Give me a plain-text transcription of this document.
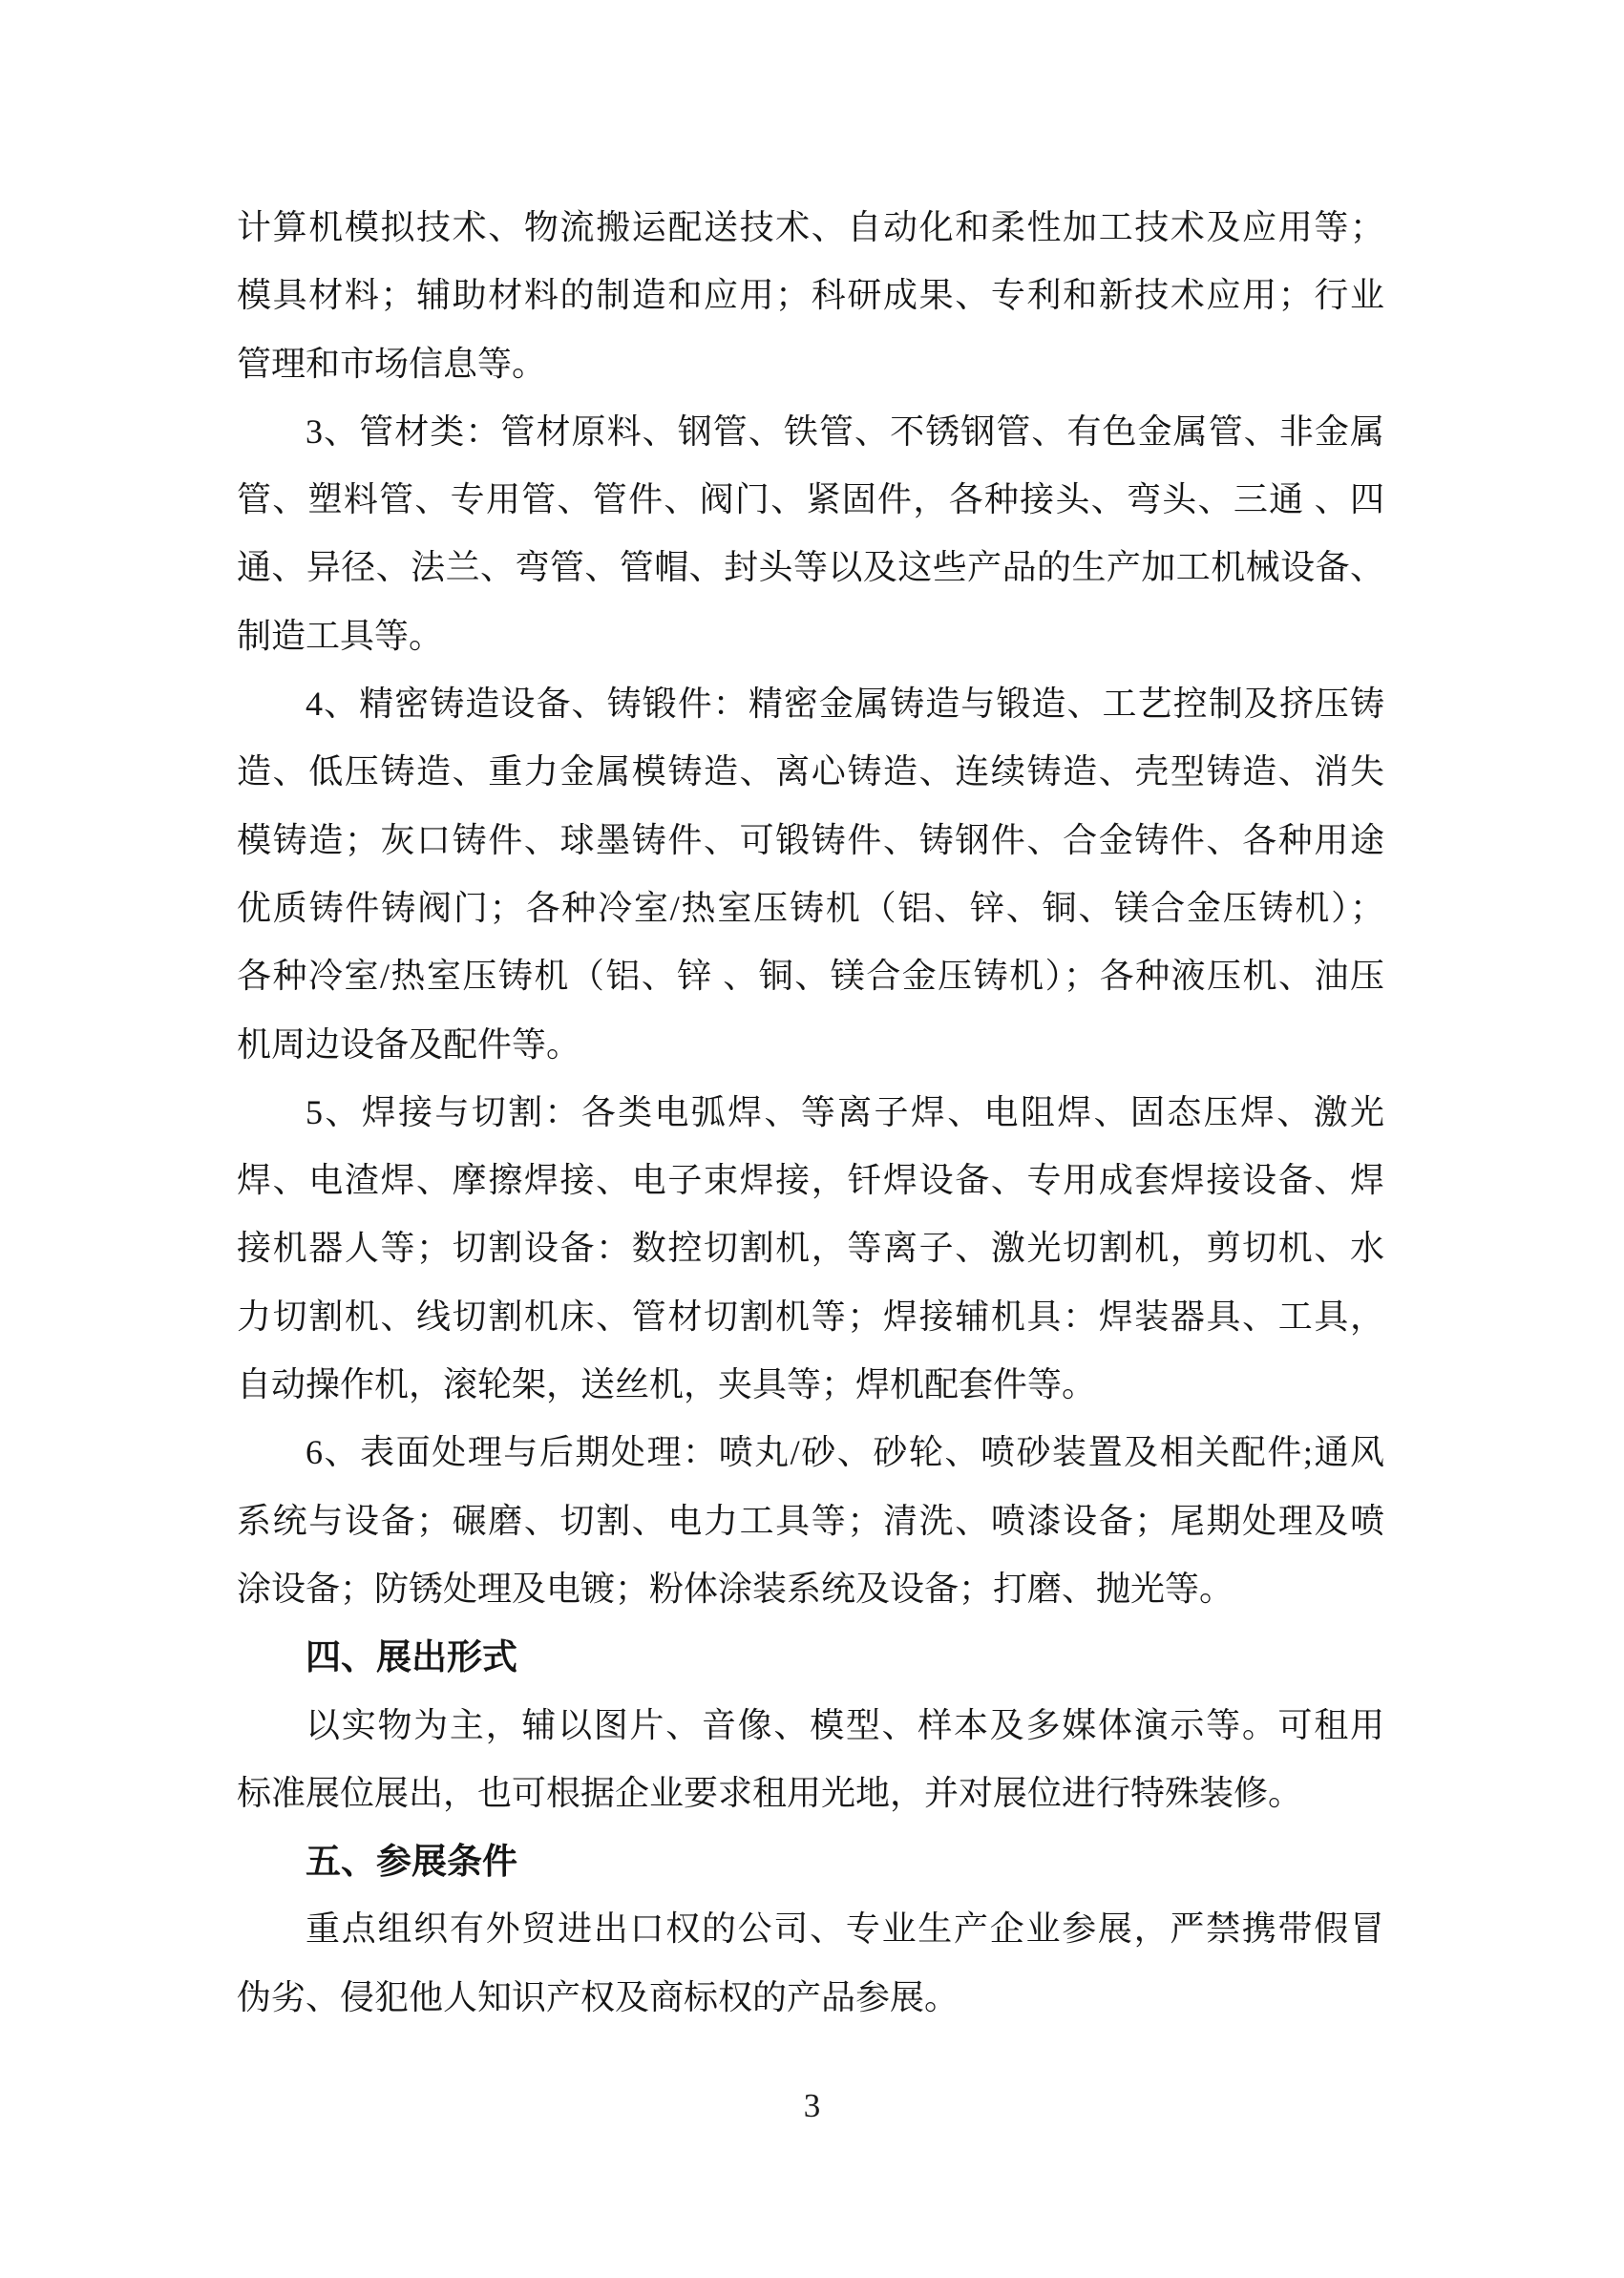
计算机模拟技术、物流搬运配送技术、自动化和柔性加工技术及应用等；
模具材料；辅助材料的制造和应用；科研成果、专利和新技术应用；行业
管理和市场信息等。
3、管材类：管材原料、钢管、铁管、不锈钢管、有色金属管、非金属
管、塑料管、专用管、管件、阀门、紧固件，各种接头、弯头、三通 、四
通、异径、法兰、弯管、管帽、封头等以及这些产品的生产加工机械设备、
制造工具等。
4、精密铸造设备、铸锻件：精密金属铸造与锻造、工艺控制及挤压铸
造、低压铸造、重力金属模铸造、离心铸造、连续铸造、壳型铸造、消失
模铸造；灰口铸件、球墨铸件、可锻铸件、铸钢件、合金铸件、各种用途
优质铸件铸阀门；各种冷室/热室压铸机（铝、锌、铜、镁合金压铸机）；
各种冷室/热室压铸机（铝、锌 、铜、镁合金压铸机）；各种液压机、油压
机周边设备及配件等。
5、焊接与切割：各类电弧焊、等离子焊、电阻焊、固态压焊、激光
焊、电渣焊、摩擦焊接、电子束焊接，钎焊设备、专用成套焊接设备、焊
接机器人等；切割设备：数控切割机，等离子、激光切割机，剪切机、水
力切割机、线切割机床、管材切割机等；焊接辅机具：焊装器具、工具，
自动操作机，滚轮架，送丝机，夹具等；焊机配套件等。
6、表面处理与后期处理：喷丸/砂、砂轮、喷砂装置及相关配件;通风
系统与设备；碾磨、切割、电力工具等；清洗、喷漆设备；尾期处理及喷
涂设备；防锈处理及电镀；粉体涂装系统及设备；打磨、抛光等。
四、展出形式
以实物为主，辅以图片、音像、模型、样本及多媒体演示等。可租用
标准展位展出，也可根据企业要求租用光地，并对展位进行特殊装修。
五、参展条件
重点组织有外贸进出口权的公司、专业生产企业参展，严禁携带假冒
伪劣、侵犯他人知识产权及商标权的产品参展。
3
